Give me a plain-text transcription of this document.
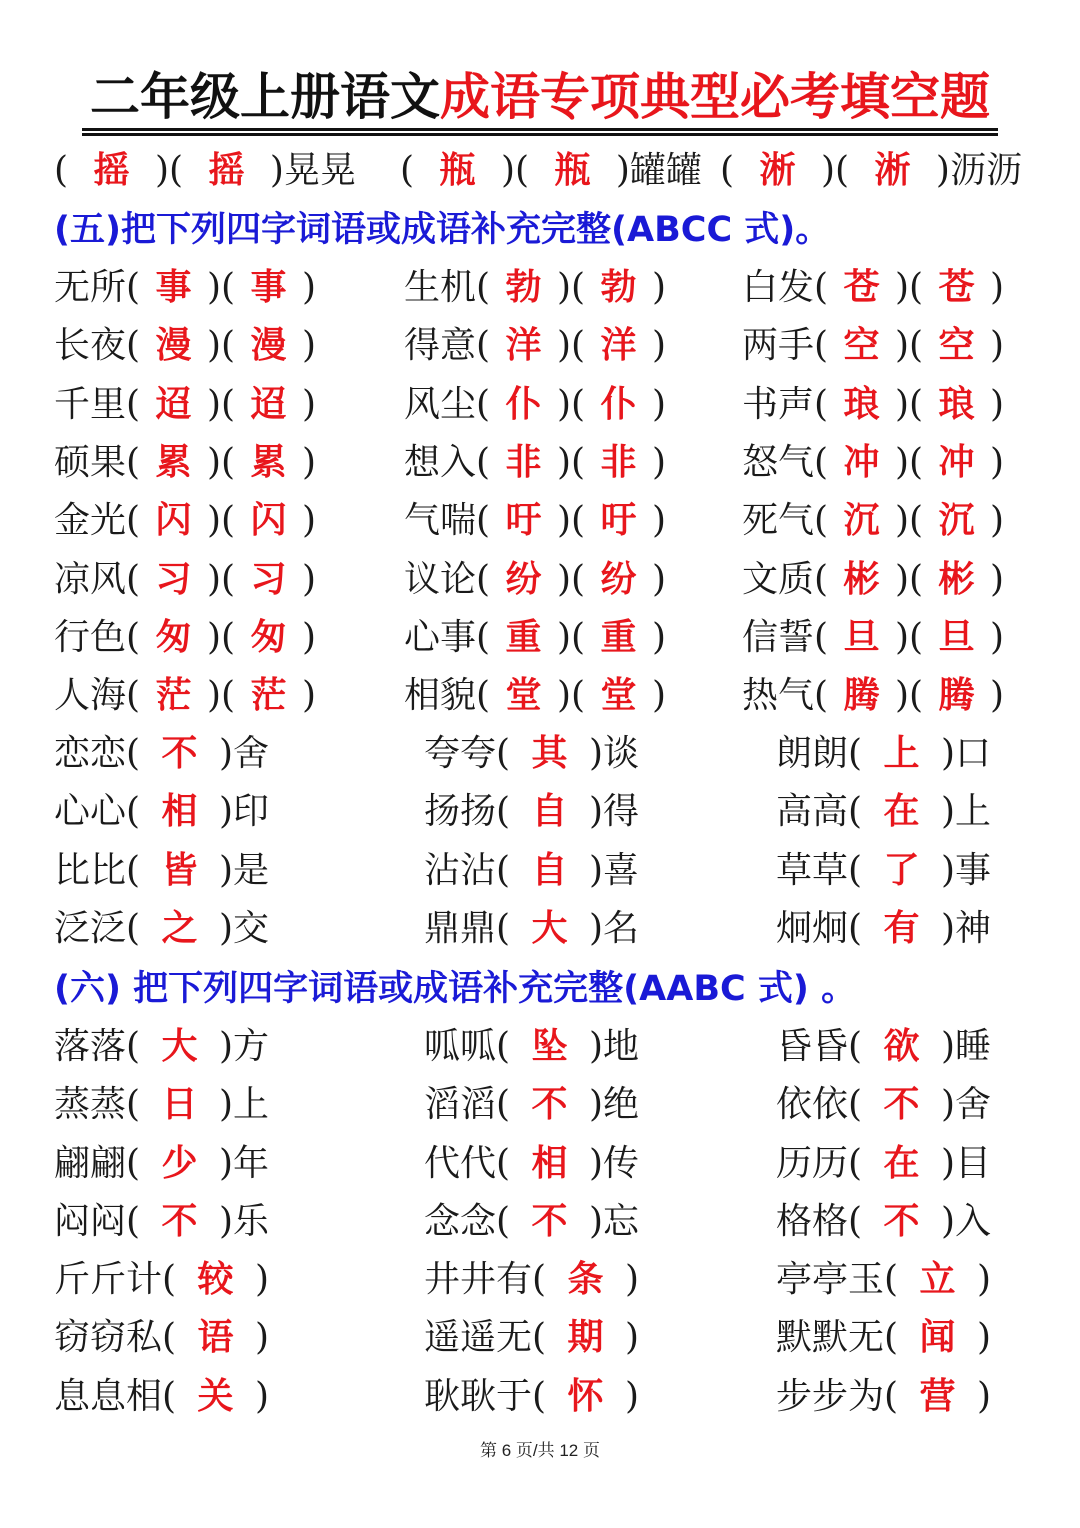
二年级上册语文成语专项典型必考填空题
( 摇 )( 摇 )晃晃 ( 瓶 )( 瓶 )罐罐 ( 淅 )( 淅 )沥沥
(五)把下列四字词语或成语补充完整(ABCC 式)。
无所( 事 )( 事 ) 生机( 勃 )( 勃 ) 白发( 苍 )( 苍 )
长夜( 漫 )( 漫 ) 得意( 洋 )( 洋 ) 两手( 空 )( 空 )
千里( 迢 )( 迢 ) 风尘( 仆 )( 仆 ) 书声( 琅 )( 琅 )
硕果( 累 )( 累 ) 想入( 非 )( 非 ) 怒气( 冲 )( 冲 )
金光( 闪 )( 闪 ) 气喘( 吁 )( 吁 ) 死气( 沉 )( 沉 )
凉风( 习 )( 习 ) 议论( 纷 )( 纷 ) 文质( 彬 )( 彬 )
行色( 匆 )( 匆 ) 心事( 重 )( 重 ) 信誓( 旦 )( 旦 )
人海( 茫 )( 茫 ) 相貌( 堂 )( 堂 ) 热气( 腾 )( 腾 )
恋恋( 不 )舍	夸夸( 其 )谈	朗朗( 上 )口
心心( 相 )印	扬扬( 自 )得	高高( 在 )上
比比( 皆 )是	沾沾( 自 )喜	草草( 了 )事
泛泛( 之 )交	鼎鼎( 大 )名	炯炯( 有 )神
(六) 把下列四字词语或成语补充完整(AABC 式) 。
落落( 大 )方	呱呱( 坠 )地	昏昏( 欲 )睡
蒸蒸( 日 )上	滔滔( 不 )绝	依依( 不 )舍
翩翩( 少 )年	代代( 相 )传	历历( 在 )目
闷闷( 不 )乐	念念( 不 )忘	格格( 不 )入
斤斤计( 较 )	井井有( 条 )	亭亭玉( 立 )
窃窃私( 语 )	遥遥无( 期 )	默默无( 闻 )
息息相( 关 )	耿耿于( 怀 )	步步为( 营 )
第 6 页/共 12 页
